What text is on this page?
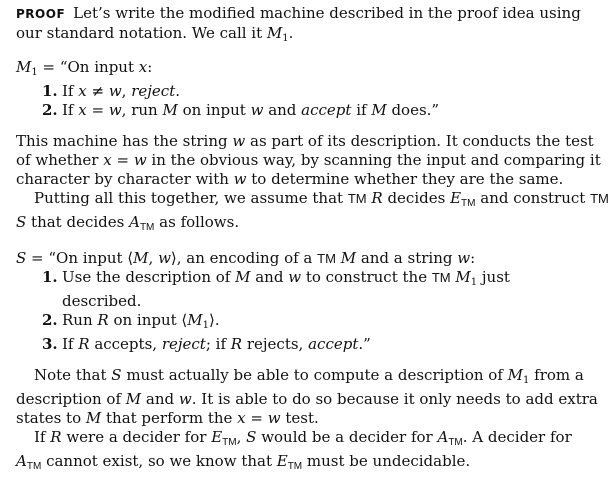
PROOF Let’s write the modified machine described in the proof idea using
our standard notation. We call it $M_1$.
$M_1$ = “On input x:
1. If x ≠ w, reject.
2. If x = w, run M on input w and accept if M does.”
This machine has the string w as part of its description. It conducts the test
of whether x = w in the obvious way, by scanning the input and comparing it
character by character with w to determine whether they are the same.
Putting all this together, we assume that TM R decides $E_{TM}$ and construct TM
S that decides $A_{TM}$ as follows.
S = “On input ⟨M, w⟩, an encoding of a TM M and a string w:
1. Use the description of M and w to construct the TM $M_1$ just
described.
2. Run R on input $⟨M_1⟩$.
3. If R accepts, reject; if R rejects, accept.”
Note that S must actually be able to compute a description of $M_1$ from a
description of M and w. It is able to do so because it only needs to add extra
states to M that perform the x = w test.
If R were a decider for $E_{TM}$, S would be a decider for $A_{TM}$. A decider for
$A_{TM}$ cannot exist, so we know that $E_{TM}$ must be undecidable.
